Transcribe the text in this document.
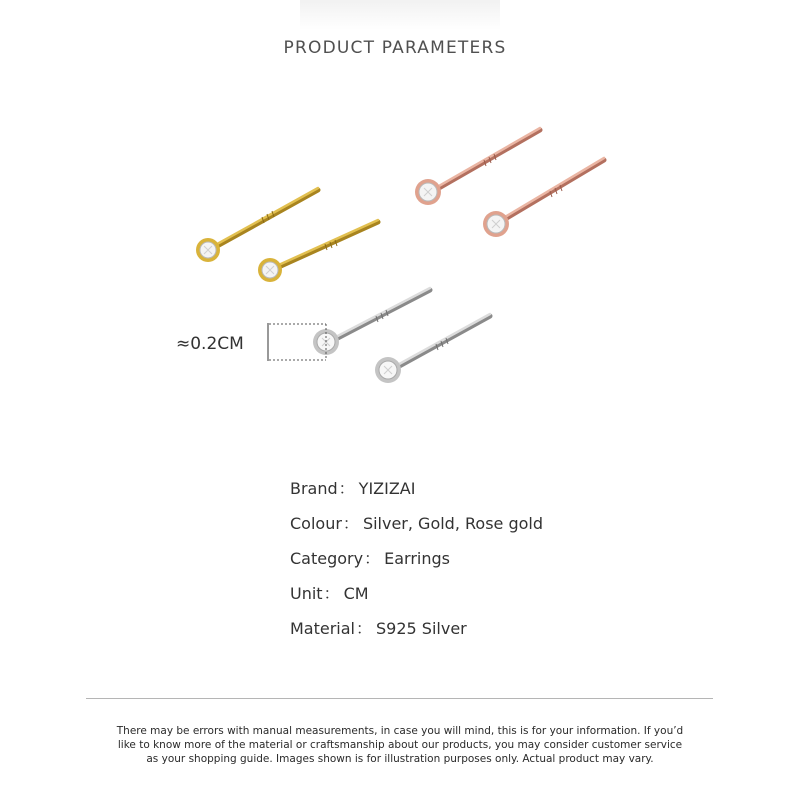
PRODUCT PARAMETERS
≈0.2CM
Brand： YIZIZAI
Colour： Silver, Gold, Rose gold
Category： Earrings
Unit： CM
Material： S925 Silver
There may be errors with manual measurements, in case you will mind, this is for your information. If you’d
like to know more of the material or craftsmanship about our products, you may consider customer service
as your shopping guide. Images shown is for illustration purposes only. Actual product may vary.
